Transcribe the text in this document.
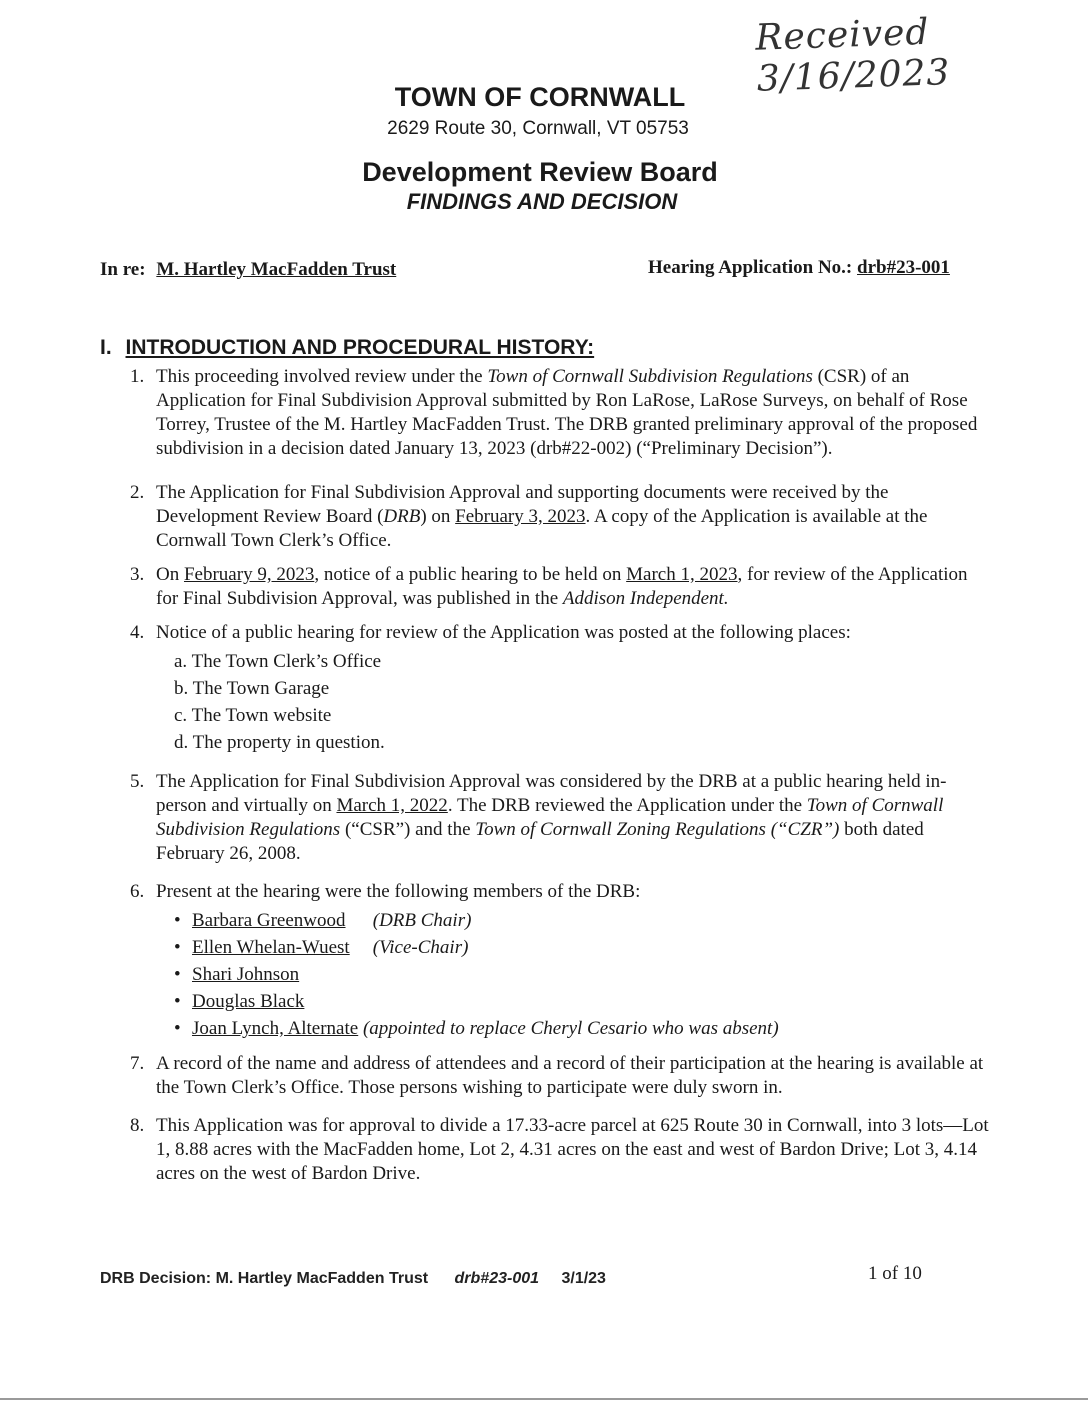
Received 3/16/2023
TOWN OF CORNWALL
2629 Route 30, Cornwall, VT 05753
Development Review Board
FINDINGS AND DECISION
In re: M. Hartley MacFadden Trust	Hearing Application No.: drb#23-001
I. INTRODUCTION AND PROCEDURAL HISTORY:
1. This proceeding involved review under the Town of Cornwall Subdivision Regulations (CSR) of an Application for Final Subdivision Approval submitted by Ron LaRose, LaRose Surveys, on behalf of Rose Torrey, Trustee of the M. Hartley MacFadden Trust. The DRB granted preliminary approval of the proposed subdivision in a decision dated January 13, 2023 (drb#22-002) (“Preliminary Decision”).
2. The Application for Final Subdivision Approval and supporting documents were received by the Development Review Board (DRB) on February 3, 2023. A copy of the Application is available at the Cornwall Town Clerk’s Office.
3. On February 9, 2023, notice of a public hearing to be held on March 1, 2023, for review of the Application for Final Subdivision Approval, was published in the Addison Independent.
4. Notice of a public hearing for review of the Application was posted at the following places:
a. The Town Clerk’s Office
b. The Town Garage
c. The Town website
d. The property in question.
5. The Application for Final Subdivision Approval was considered by the DRB at a public hearing held in-person and virtually on March 1, 2022. The DRB reviewed the Application under the Town of Cornwall Subdivision Regulations (“CSR”) and the Town of Cornwall Zoning Regulations (“CZR”) both dated February 26, 2008.
6. Present at the hearing were the following members of the DRB:
• Barbara Greenwood (DRB Chair)
• Ellen Whelan-Wuest (Vice-Chair)
• Shari Johnson
• Douglas Black
• Joan Lynch, Alternate (appointed to replace Cheryl Cesario who was absent)
7. A record of the name and address of attendees and a record of their participation at the hearing is available at the Town Clerk’s Office. Those persons wishing to participate were duly sworn in.
8. This Application was for approval to divide a 17.33-acre parcel at 625 Route 30 in Cornwall, into 3 lots—Lot 1, 8.88 acres with the MacFadden home, Lot 2, 4.31 acres on the east and west of Bardon Drive; Lot 3, 4.14 acres on the west of Bardon Drive.
DRB Decision: M. Hartley MacFadden Trust drb#23-001 3/1/23	1 of 10
